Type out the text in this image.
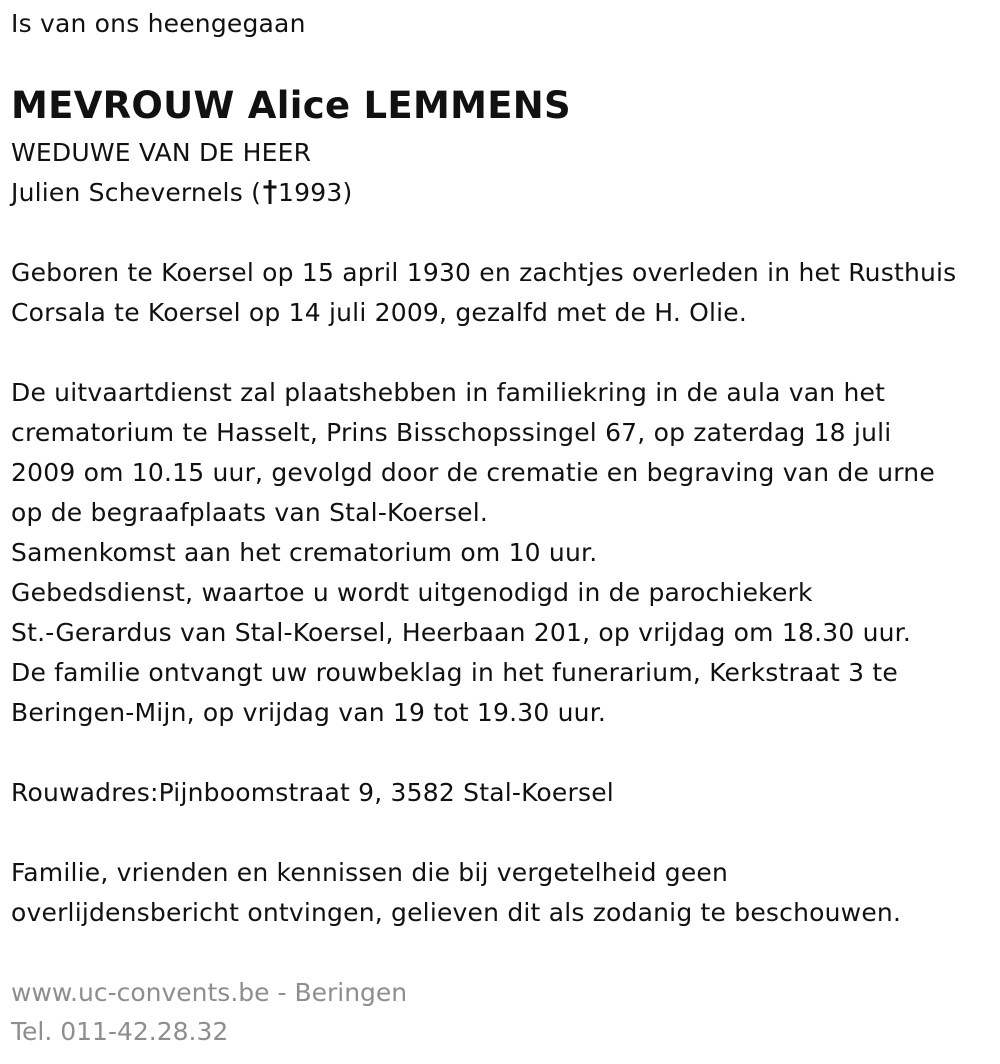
Is van ons heengegaan
MEVROUW Alice LEMMENS
WEDUWE VAN DE HEER
Julien Schevernels ( 1993)
Geboren te Koersel op 15 april 1930 en zachtjes overleden in het Rusthuis
Corsala te Koersel op 14 juli 2009, gezalfd met de H. Olie.
De uitvaartdienst zal plaatshebben in familiekring in de aula van het
crematorium te Hasselt, Prins Bisschopssingel 67, op zaterdag 18 juli
2009 om 10.15 uur, gevolgd door de crematie en begraving van de urne
op de begraafplaats van Stal-Koersel.
Samenkomst aan het crematorium om 10 uur.
Gebedsdienst, waartoe u wordt uitgenodigd in de parochiekerk
St.-Gerardus van Stal-Koersel, Heerbaan 201, op vrijdag om 18.30 uur.
De familie ontvangt uw rouwbeklag in het funerarium, Kerkstraat 3 te
Beringen-Mijn, op vrijdag van 19 tot 19.30 uur.
Rouwadres:Pijnboomstraat 9, 3582 Stal-Koersel
Familie, vrienden en kennissen die bij vergetelheid geen
overlijdensbericht ontvingen, gelieven dit als zodanig te beschouwen.
www.uc-convents.be - Beringen
Tel. 011-42.28.32
